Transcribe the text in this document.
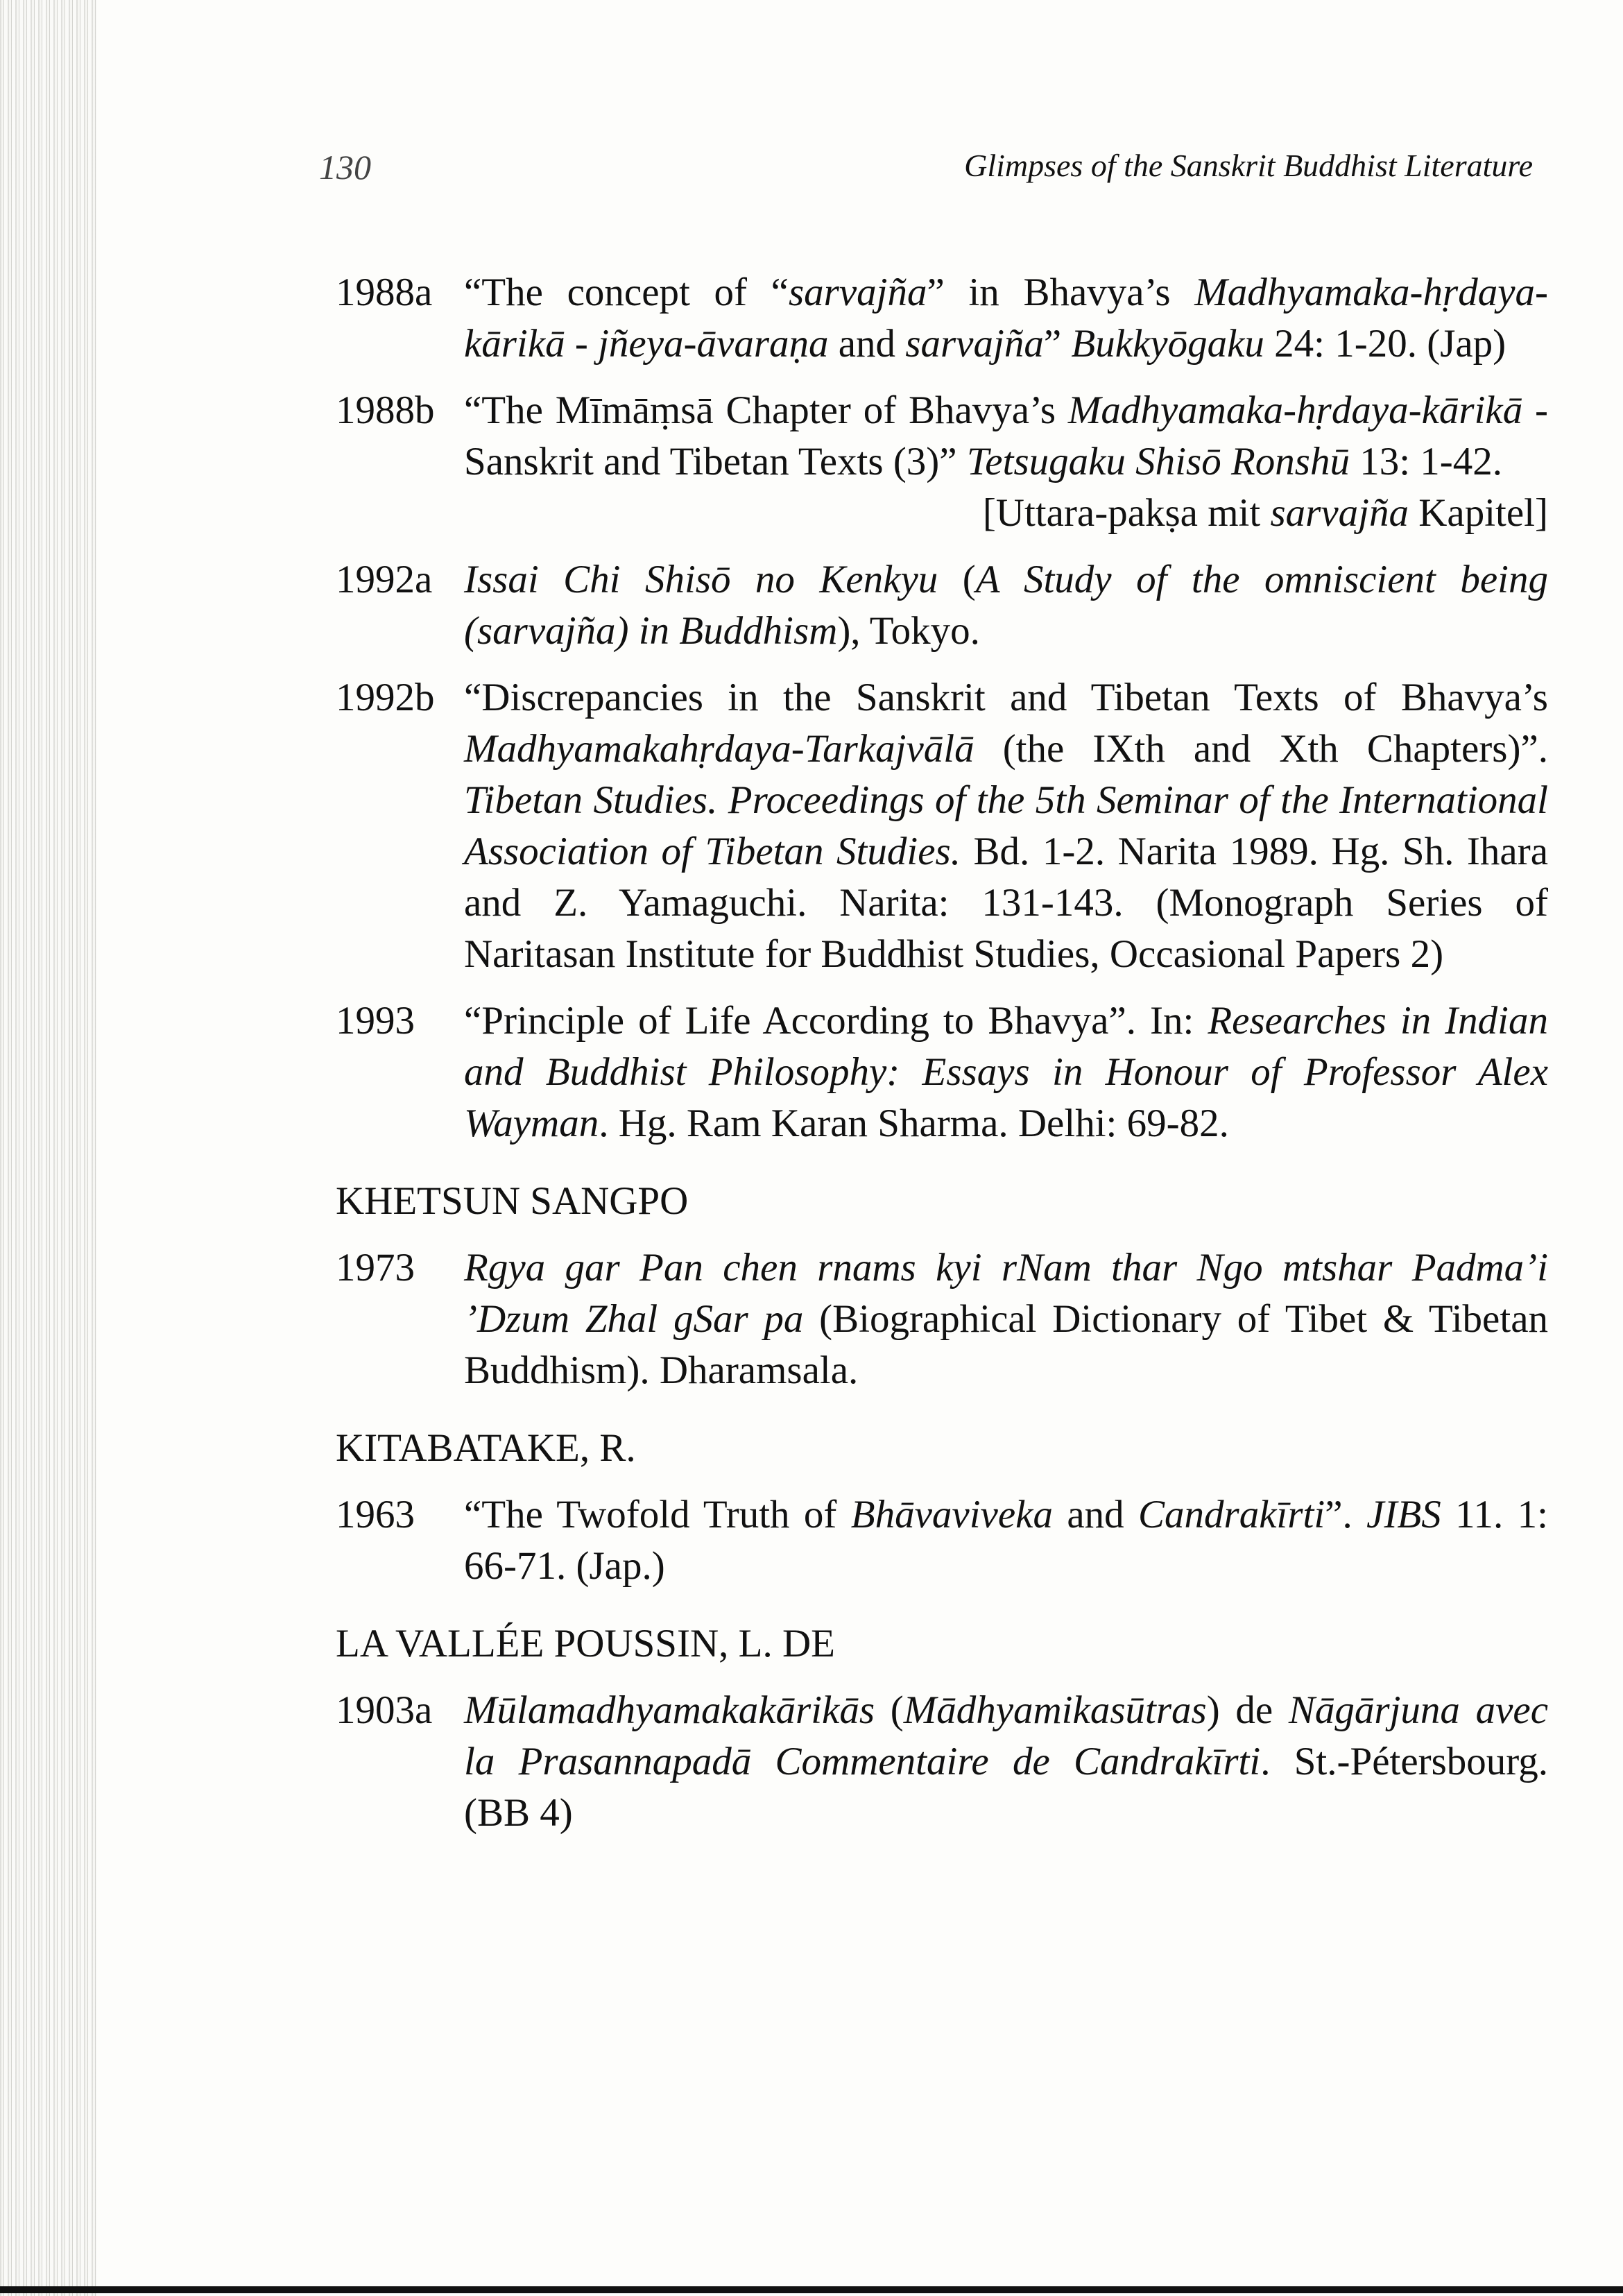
130	Glimpses of the Sanskrit Buddhist Literature
1988a “The concept of “sarvajña” in Bhavya’s Madhyamaka-hṛdaya-kārikā - jñeya-āvaraṇa and sarvajña” Bukkyōgaku 24: 1-20. (Jap)
1988b “The Mīmāṃsā Chapter of Bhavya’s Madhyamaka-hṛdaya-kārikā - Sanskrit and Tibetan Texts (3)” Tetsugaku Shisō Ronshū 13: 1-42.
[Uttara-pakṣa mit sarvajña Kapitel]
1992a Issai Chi Shisō no Kenkyu (A Study of the omniscient being (sarvajña) in Buddhism), Tokyo.
1992b “Discrepancies in the Sanskrit and Tibetan Texts of Bhavya’s Madhyamakahṛdaya-Tarkajvālā (the IXth and Xth Chapters)”. Tibetan Studies. Proceedings of the 5th Seminar of the International Association of Tibetan Studies. Bd. 1-2. Narita 1989. Hg. Sh. Ihara and Z. Yamaguchi. Narita: 131-143. (Monograph Series of Naritasan Institute for Buddhist Studies, Occasional Papers 2)
1993	“Principle of Life According to Bhavya”. In: Researches in Indian and Buddhist Philosophy: Essays in Honour of Professor Alex Wayman. Hg. Ram Karan Sharma. Delhi: 69-82.
KHETSUN SANGPO
1973	Rgya gar Pan chen rnams kyi rNam thar Ngo mtshar Padma’i ’Dzum Zhal gSar pa (Biographical Dictionary of Tibet & Tibetan Buddhism). Dharamsala.
KITABATAKE, R.
1963	“The Twofold Truth of Bhāvaviveka and Candrakīrti”. JIBS 11. 1: 66-71. (Jap.)
LA VALLÉE POUSSIN, L. DE
1903a Mūlamadhyamakakārikās (Mādhyamikasūtras) de Nāgārjuna avec la Prasannapadā Commentaire de Candrakīrti. St.-Pétersbourg. (BB 4)
